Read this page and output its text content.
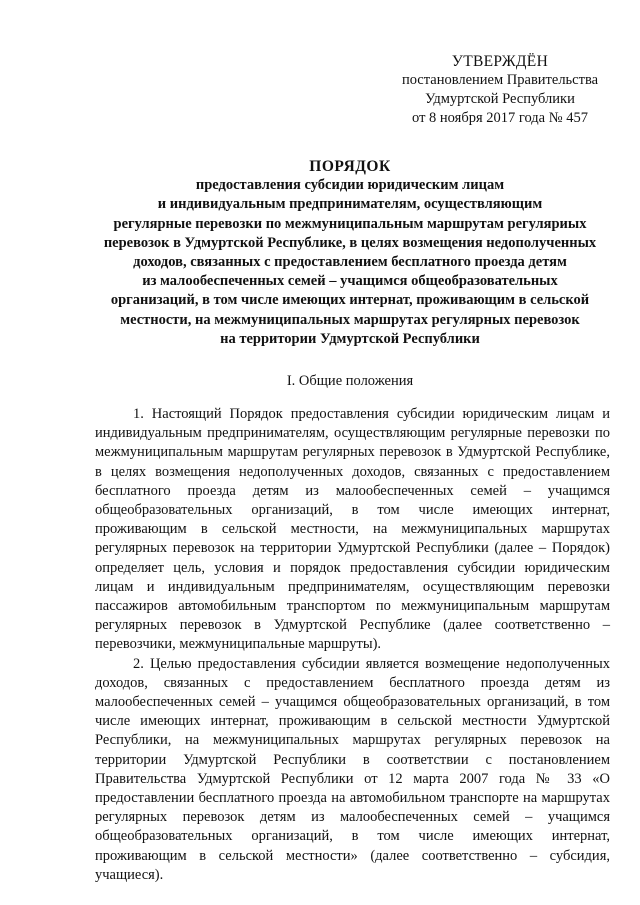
УТВЕРЖДЁН
постановлением Правительства
Удмуртской Республики
от 8 ноября 2017 года № 457
ПОРЯДОК
предоставления субсидии юридическим лицам
и индивидуальным предпринимателям, осуществляющим
регулярные перевозки по межмуниципальным маршрутам регуляриых
перевозок в Удмуртской Республике, в целях возмещения недополученных
доходов, связанных с предоставлением бесплатного проезда детям
из малообеспеченных семей – учащимся общеобразовательных
организаций, в том числе имеющих интернат, проживающим в сельской
местности, на межмуниципальных маршрутах регулярных перевозок
на территории Удмуртской Республики
I. Общие положения

1. Настоящий Порядок предоставления субсидии юридическим лицам и индивидуальным предпринимателям, осуществляющим регулярные перевозки по межмуниципальным маршрутам регулярных перевозок в Удмуртской Республике, в целях возмещения недополученных доходов, связанных с предоставлением бесплатного проезда детям из малообеспеченных семей – учащимся общеобразовательных организаций, в том числе имеющих интернат, проживающим в сельской местности, на межмуниципальных маршрутах регулярных перевозок на территории Удмуртской Республики (далее – Порядок) определяет цель, условия и порядок предоставления субсидии юридическим лицам и индивидуальным предпринимателям, осуществляющим перевозки пассажиров автомобильным транспортом по межмуниципальным маршрутам регулярных перевозок в Удмуртской Республике (далее соответственно – перевозчики, межмуниципальные маршруты).

2. Целью предоставления субсидии является возмещение недополученных доходов, связанных с предоставлением бесплатного проезда детям из малообеспеченных семей – учащимся общеобразовательных организаций, в том числе имеющих интернат, проживающим в сельской местности Удмуртской Республики, на межмуниципальных маршрутах регулярных перевозок на территории Удмуртской Республики в соответствии с постановлением Правительства Удмуртской Республики от 12 марта 2007 года № 33 «О предоставлении бесплатного проезда на автомобильном транспорте на маршрутах регулярных перевозок детям из малообеспеченных семей – учащимся общеобразовательных организаций, в том числе имеющих интернат, проживающим в сельской местности» (далее соответственно – субсидия, учащиеся).
